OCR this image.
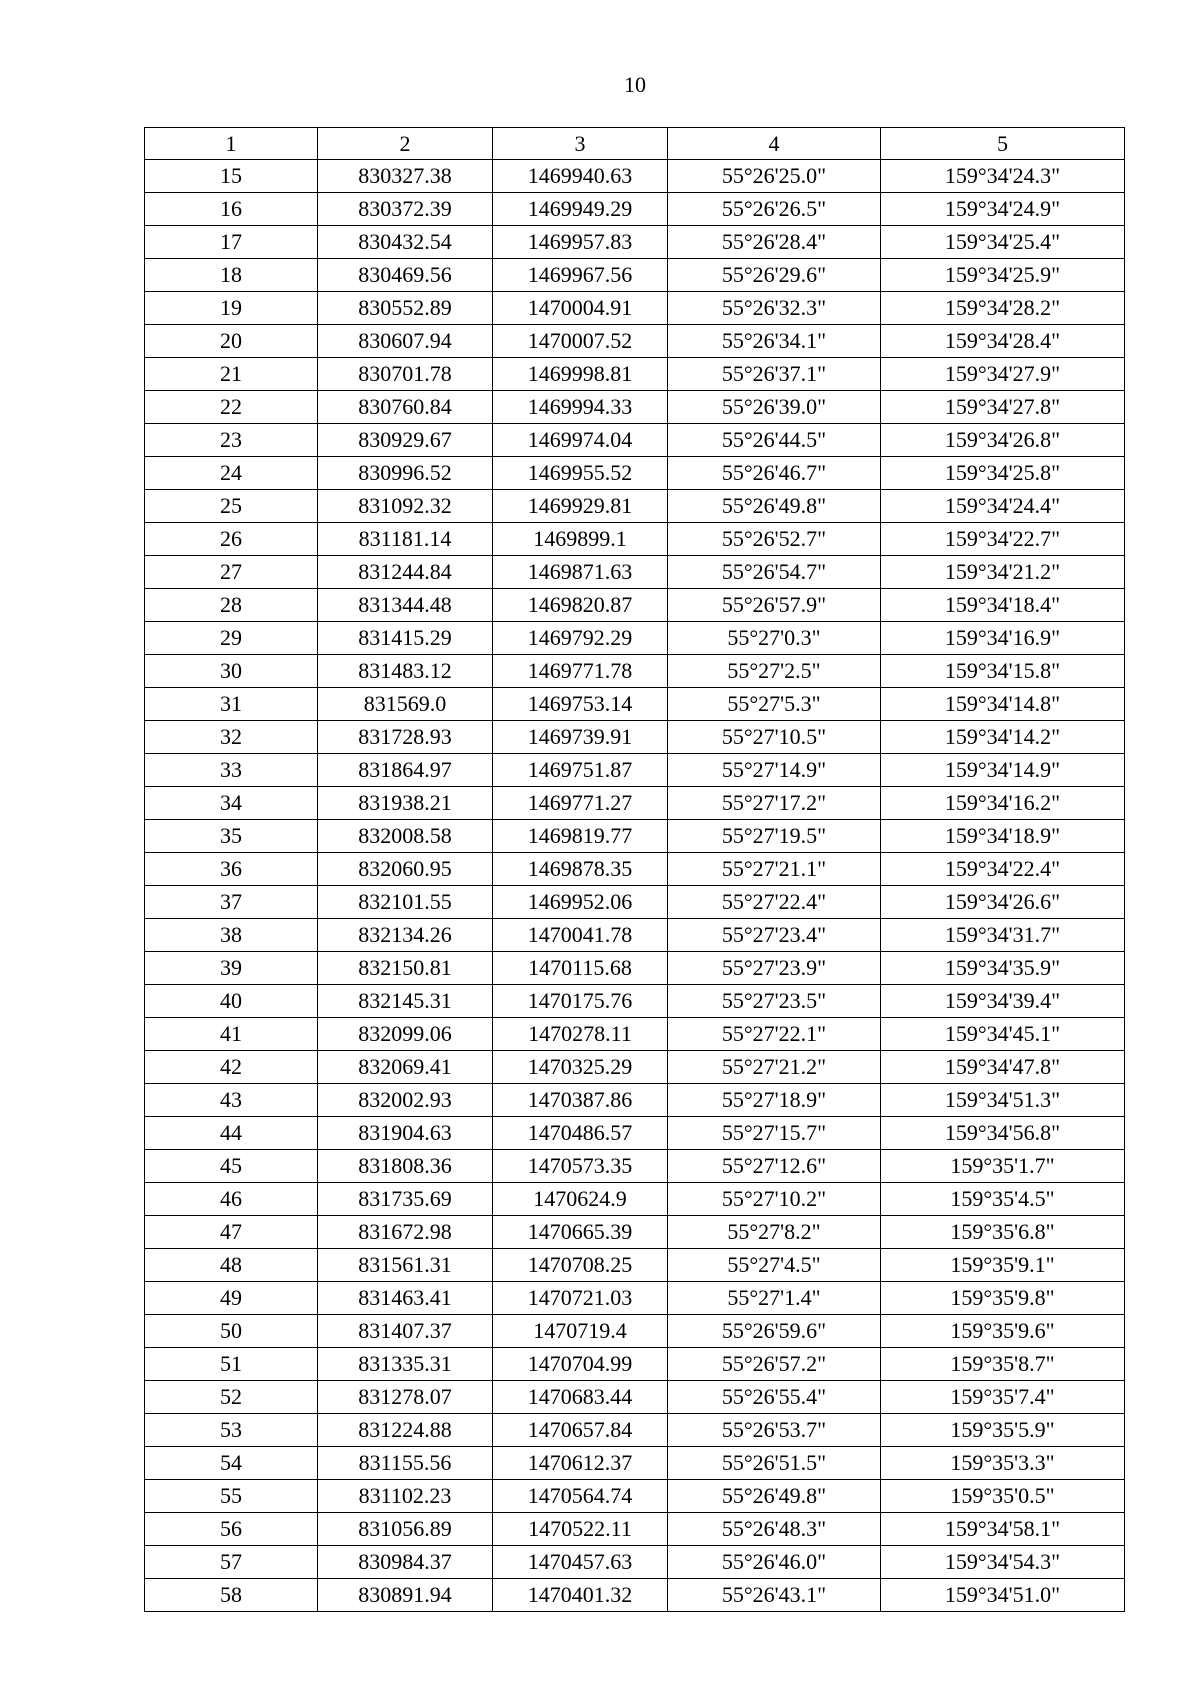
10
1	2	3	4	5
15	830327.38	1469940.63	55°26'25.0"	159°34'24.3"
16	830372.39	1469949.29	55°26'26.5"	159°34'24.9"
17	830432.54	1469957.83	55°26'28.4"	159°34'25.4"
18	830469.56	1469967.56	55°26'29.6"	159°34'25.9"
19	830552.89	1470004.91	55°26'32.3"	159°34'28.2"
20	830607.94	1470007.52	55°26'34.1"	159°34'28.4"
21	830701.78	1469998.81	55°26'37.1"	159°34'27.9"
22	830760.84	1469994.33	55°26'39.0"	159°34'27.8"
23	830929.67	1469974.04	55°26'44.5"	159°34'26.8"
24	830996.52	1469955.52	55°26'46.7"	159°34'25.8"
25	831092.32	1469929.81	55°26'49.8"	159°34'24.4"
26	831181.14	1469899.1	55°26'52.7"	159°34'22.7"
27	831244.84	1469871.63	55°26'54.7"	159°34'21.2"
28	831344.48	1469820.87	55°26'57.9"	159°34'18.4"
29	831415.29	1469792.29	55°27'0.3"	159°34'16.9"
30	831483.12	1469771.78	55°27'2.5"	159°34'15.8"
31	831569.0	1469753.14	55°27'5.3"	159°34'14.8"
32	831728.93	1469739.91	55°27'10.5"	159°34'14.2"
33	831864.97	1469751.87	55°27'14.9"	159°34'14.9"
34	831938.21	1469771.27	55°27'17.2"	159°34'16.2"
35	832008.58	1469819.77	55°27'19.5"	159°34'18.9"
36	832060.95	1469878.35	55°27'21.1"	159°34'22.4"
37	832101.55	1469952.06	55°27'22.4"	159°34'26.6"
38	832134.26	1470041.78	55°27'23.4"	159°34'31.7"
39	832150.81	1470115.68	55°27'23.9"	159°34'35.9"
40	832145.31	1470175.76	55°27'23.5"	159°34'39.4"
41	832099.06	1470278.11	55°27'22.1"	159°34'45.1"
42	832069.41	1470325.29	55°27'21.2"	159°34'47.8"
43	832002.93	1470387.86	55°27'18.9"	159°34'51.3"
44	831904.63	1470486.57	55°27'15.7"	159°34'56.8"
45	831808.36	1470573.35	55°27'12.6"	159°35'1.7"
46	831735.69	1470624.9	55°27'10.2"	159°35'4.5"
47	831672.98	1470665.39	55°27'8.2"	159°35'6.8"
48	831561.31	1470708.25	55°27'4.5"	159°35'9.1"
49	831463.41	1470721.03	55°27'1.4"	159°35'9.8"
50	831407.37	1470719.4	55°26'59.6"	159°35'9.6"
51	831335.31	1470704.99	55°26'57.2"	159°35'8.7"
52	831278.07	1470683.44	55°26'55.4"	159°35'7.4"
53	831224.88	1470657.84	55°26'53.7"	159°35'5.9"
54	831155.56	1470612.37	55°26'51.5"	159°35'3.3"
55	831102.23	1470564.74	55°26'49.8"	159°35'0.5"
56	831056.89	1470522.11	55°26'48.3"	159°34'58.1"
57	830984.37	1470457.63	55°26'46.0"	159°34'54.3"
58	830891.94	1470401.32	55°26'43.1"	159°34'51.0"
